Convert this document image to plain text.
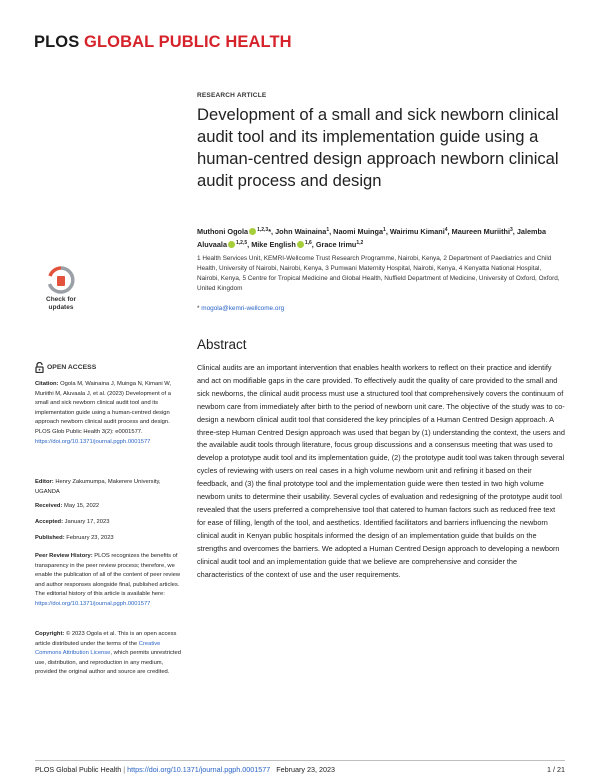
PLOS GLOBAL PUBLIC HEALTH
RESEARCH ARTICLE
Development of a small and sick newborn clinical audit tool and its implementation guide using a human-centred design approach newborn clinical audit process and design
Muthoni Ogola $^{1,2,3}$*, John Wainaina$^1$, Naomi Muinga$^1$, Wairimu Kimani$^4$, Maureen Muriithi$^3$, Jalemba Aluvaala $^{1,2,5}$, Mike English $^{1,6}$, Grace Irimu$^{1,2}$
1 Health Services Unit, KEMRI-Wellcome Trust Research Programme, Nairobi, Kenya, 2 Department of Paediatrics and Child Health, University of Nairobi, Nairobi, Kenya, 3 Pumwani Maternity Hospital, Nairobi, Kenya, 4 Kenyatta National Hospital, Nairobi, Kenya, 5 Centre for Tropical Medicine and Global Health, Nuffield Department of Medicine, University of Oxford, Oxford, United Kingdom
* mogola@kemri-wellcome.org
Abstract
Clinical audits are an important intervention that enables health workers to reflect on their practice and identify and act on modifiable gaps in the care provided. To effectively audit the quality of care provided to the small and sick newborns, the clinical audit process must use a structured tool that comprehensively covers the continuum of newborn care from immediately after birth to the period of newborn unit care. The objective of the study was to co-design a newborn clinical audit tool that considered the key principles of a Human Centred Design approach. A three-step Human Centred Design approach was used that began by (1) understanding the context, the users and the available audit tools through literature, focus group discussions and a consensus meeting that was used to develop a prototype audit tool and its implementation guide, (2) the prototype audit tool was taken through several cycles of reviewing with users on real cases in a high volume newborn unit and refining it based on their feedback, and (3) the final prototype tool and the implementation guide were then tested in two high volume newborn units to determine their usability. Several cycles of evaluation and redesigning of the prototype audit tool revealed that the users preferred a comprehensive tool that catered to human factors such as reduced free text for ease of filling, length of the tool, and aesthetics. Identified facilitators and barriers influencing the newborn clinical audit in Kenyan public hospitals informed the design of an implementation guide that builds on the strengths and overcomes the barriers. We adopted a Human Centred Design approach to developing a newborn clinical audit tool and an implementation guide that we believe are comprehensive and consider the characteristics of the context of use and the user requirements.
Check for updates
OPEN ACCESS
Citation: Ogola M, Wainaina J, Muinga N, Kimani W, Muriithi M, Aluvaala J, et al. (2023) Development of a small and sick newborn clinical audit tool and its implementation guide using a human-centred design approach newborn clinical audit process and design. PLOS Glob Public Health 3(2): e0001577. https://doi.org/10.1371/journal.pgph.0001577
Editor: Henry Zakumumpa, Makerere University, UGANDA
Received: May 15, 2022
Accepted: January 17, 2023
Published: February 23, 2023
Peer Review History: PLOS recognizes the benefits of transparency in the peer review process; therefore, we enable the publication of all of the content of peer review and author responses alongside final, published articles. The editorial history of this article is available here: https://doi.org/10.1371/journal.pgph.0001577
Copyright: © 2023 Ogola et al. This is an open access article distributed under the terms of the Creative Commons Attribution License, which permits unrestricted use, distribution, and reproduction in any medium, provided the original author and source are credited.
PLOS Global Public Health | https://doi.org/10.1371/journal.pgph.0001577 February 23, 2023	1 / 21
